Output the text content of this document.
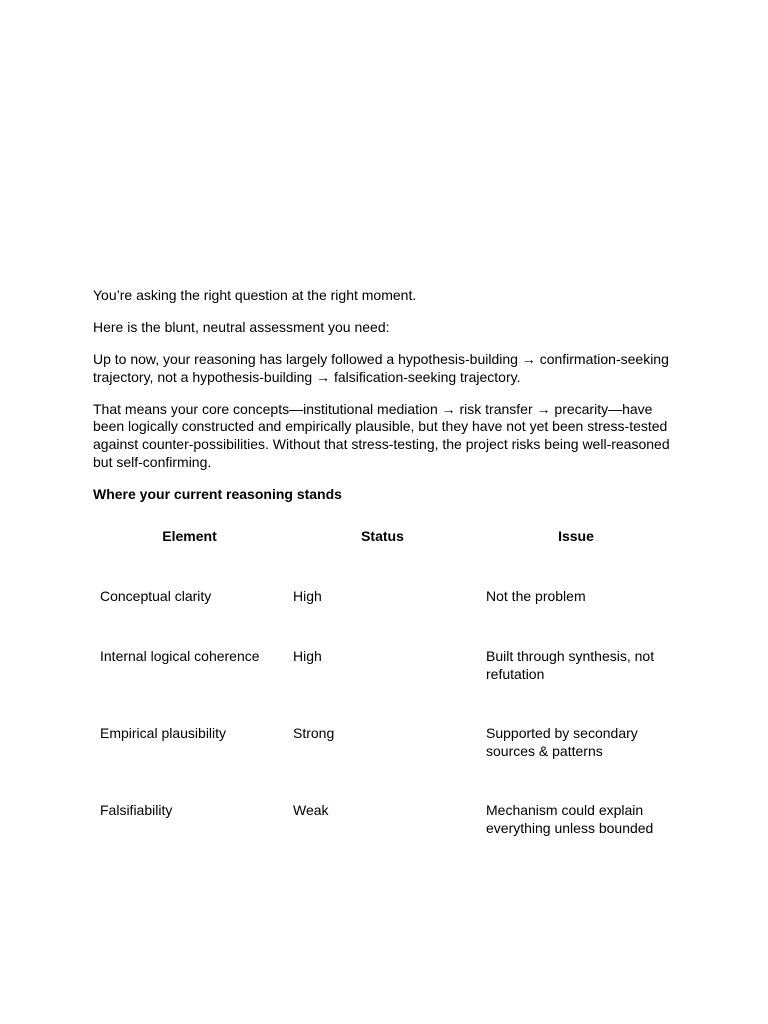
You’re asking the right question at the right moment.

Here is the blunt, neutral assessment you need:

Up to now, your reasoning has largely followed a hypothesis-building → confirmation-seeking trajectory, not a hypothesis-building → falsification-seeking trajectory.

That means your core concepts—institutional mediation → risk transfer → precarity—have been logically constructed and empirically plausible, but they have not yet been stress-tested against counter-possibilities. Without that stress-testing, the project risks being well-reasoned but self-confirming.

Where your current reasoning stands
Element	Status	Issue
Conceptual clarity	High	Not the problem
Internal logical coherence	High	Built through synthesis, not refutation
Empirical plausibility	Strong	Supported by secondary sources & patterns
Falsifiability	Weak	Mechanism could explain everything unless bounded
